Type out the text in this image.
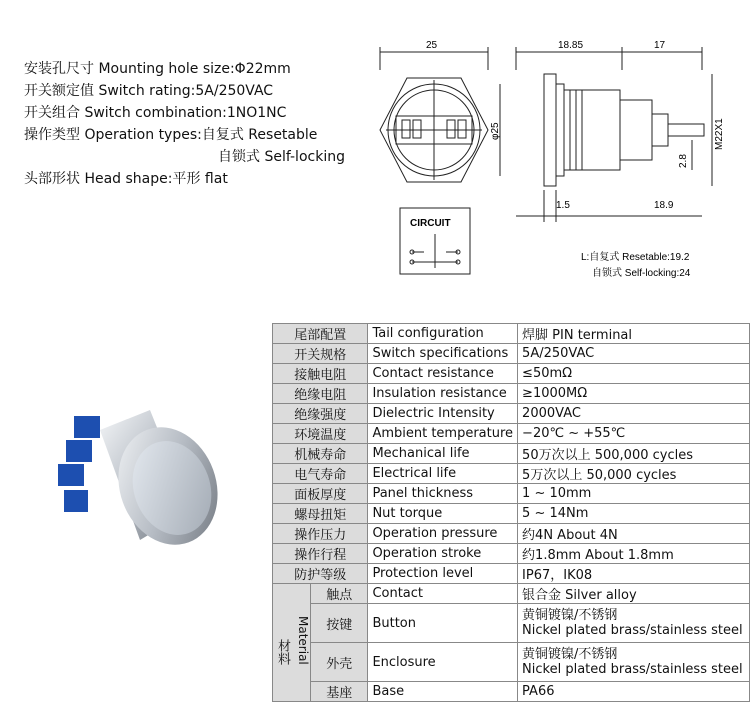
安装孔尺寸 Mounting hole size:Φ22mm
开关额定值 Switch rating:5A/250VAC
开关组合 Switch combination:1NO1NC
操作类型 Operation types:自复式 Resetable
自锁式 Self-locking
头部形状 Head shape:平形 flat
25
φ25
18.85	17
M22X1
2.8
1.5	18.9
CIRCUIT
L:自复式 Resetable:19.2
自锁式 Self-locking:24
尾部配置		Tail configuration	焊脚 PIN terminal
开关规格		Switch specifications	5A/250VAC
接触电阻		Contact resistance	≤50mΩ
绝缘电阻		Insulation resistance	≥1000MΩ
绝缘强度		Dielectric Intensity	2000VAC
环境温度		Ambient temperature	−20℃ ~ +55℃
机械寿命		Mechanical life	50万次以上 500,000 cycles
电气寿命		Electrical life	5万次以上 50,000 cycles
面板厚度		Panel thickness	1 ~ 10mm
螺母扭矩		Nut torque	5 ~ 14Nm
操作压力		Operation pressure	约4N About 4N
操作行程		Operation stroke	约1.8mm About 1.8mm
防护等级		Protection level	IP67，IK08
材料 Material	触点	Contact	银合金 Silver alloy
	按键	Button	黄铜镀镍/不锈钢
Nickel plated brass/stainless steel

	外壳	Enclosure	黄铜镀镍/不锈钢
Nickel plated brass/stainless steel

	基座	Base	PA66
